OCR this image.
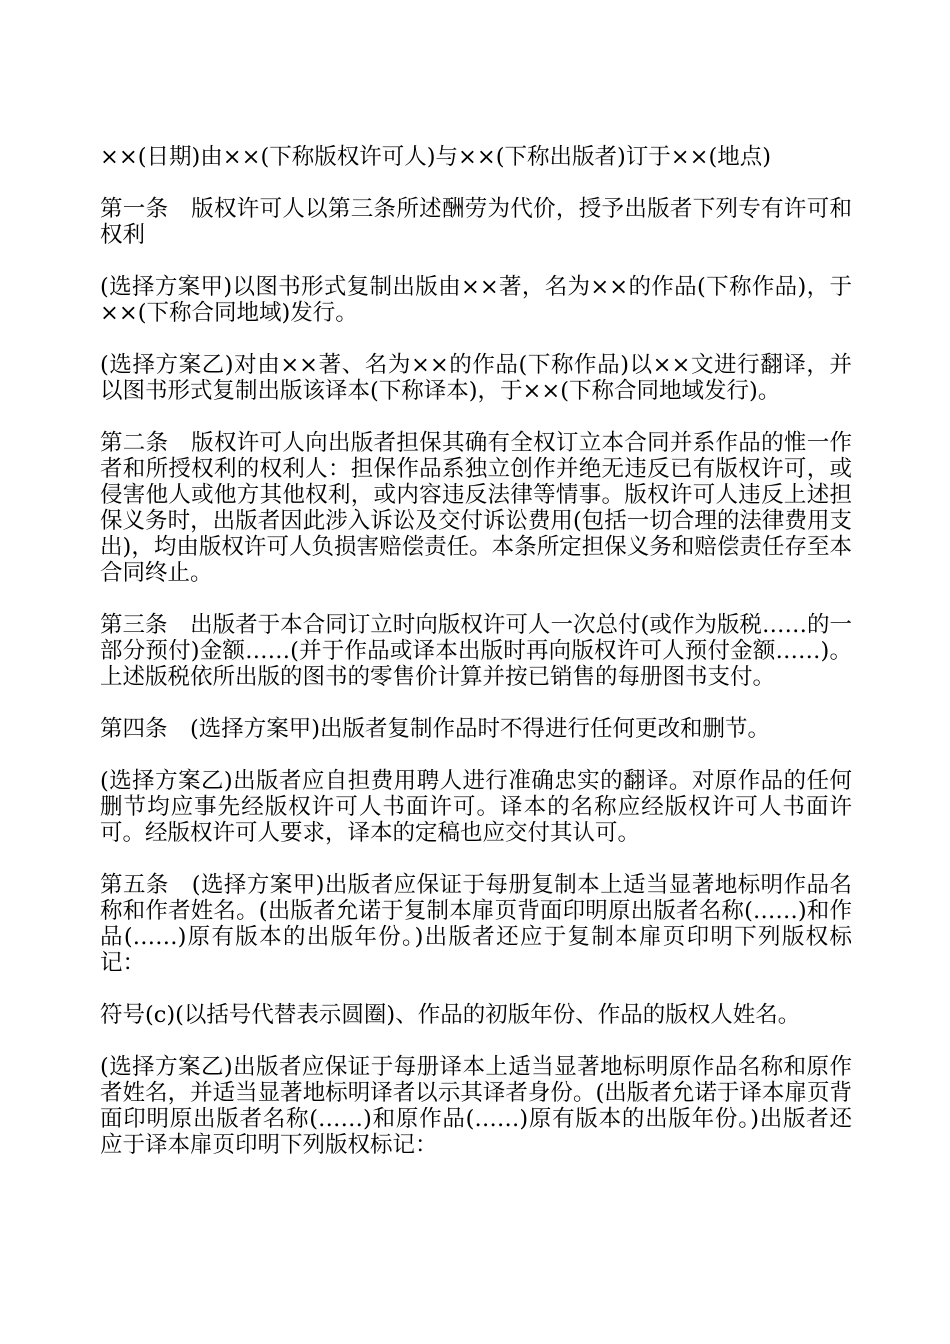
××(日期)由××(下称版权许可人)与××(下称出版者)订于××(地点)

第一条　版权许可人以第三条所述酬劳为代价，授予出版者下列专有许可和权利

(选择方案甲)以图书形式复制出版由××著，名为××的作品(下称作品)，于××(下称合同地域)发行。

(选择方案乙)对由××著、名为××的作品(下称作品)以××文进行翻译，并以图书形式复制出版该译本(下称译本)，于××(下称合同地域发行)。

第二条　版权许可人向出版者担保其确有全权订立本合同并系作品的惟一作者和所授权利的权利人：担保作品系独立创作并绝无违反已有版权许可，或侵害他人或他方其他权利，或内容违反法律等情事。版权许可人违反上述担保义务时，出版者因此涉入诉讼及交付诉讼费用(包括一切合理的法律费用支出)，均由版权许可人负损害赔偿责任。本条所定担保义务和赔偿责任存至本合同终止。

第三条　出版者于本合同订立时向版权许可人一次总付(或作为版税……的一部分预付)金额……(并于作品或译本出版时再向版权许可人预付金额……)。上述版税依所出版的图书的零售价计算并按已销售的每册图书支付。

第四条　(选择方案甲)出版者复制作品时不得进行任何更改和删节。

(选择方案乙)出版者应自担费用聘人进行准确忠实的翻译。对原作品的任何删节均应事先经版权许可人书面许可。译本的名称应经版权许可人书面许可。经版权许可人要求，译本的定稿也应交付其认可。

第五条　(选择方案甲)出版者应保证于每册复制本上适当显著地标明作品名称和作者姓名。(出版者允诺于复制本扉页背面印明原出版者名称(……)和作品(……)原有版本的出版年份。)出版者还应于复制本扉页印明下列版权标记：

符号(c)(以括号代替表示圆圈)、作品的初版年份、作品的版权人姓名。

(选择方案乙)出版者应保证于每册译本上适当显著地标明原作品名称和原作者姓名，并适当显著地标明译者以示其译者身份。(出版者允诺于译本扉页背面印明原出版者名称(……)和原作品(……)原有版本的出版年份。)出版者还应于译本扉页印明下列版权标记：
